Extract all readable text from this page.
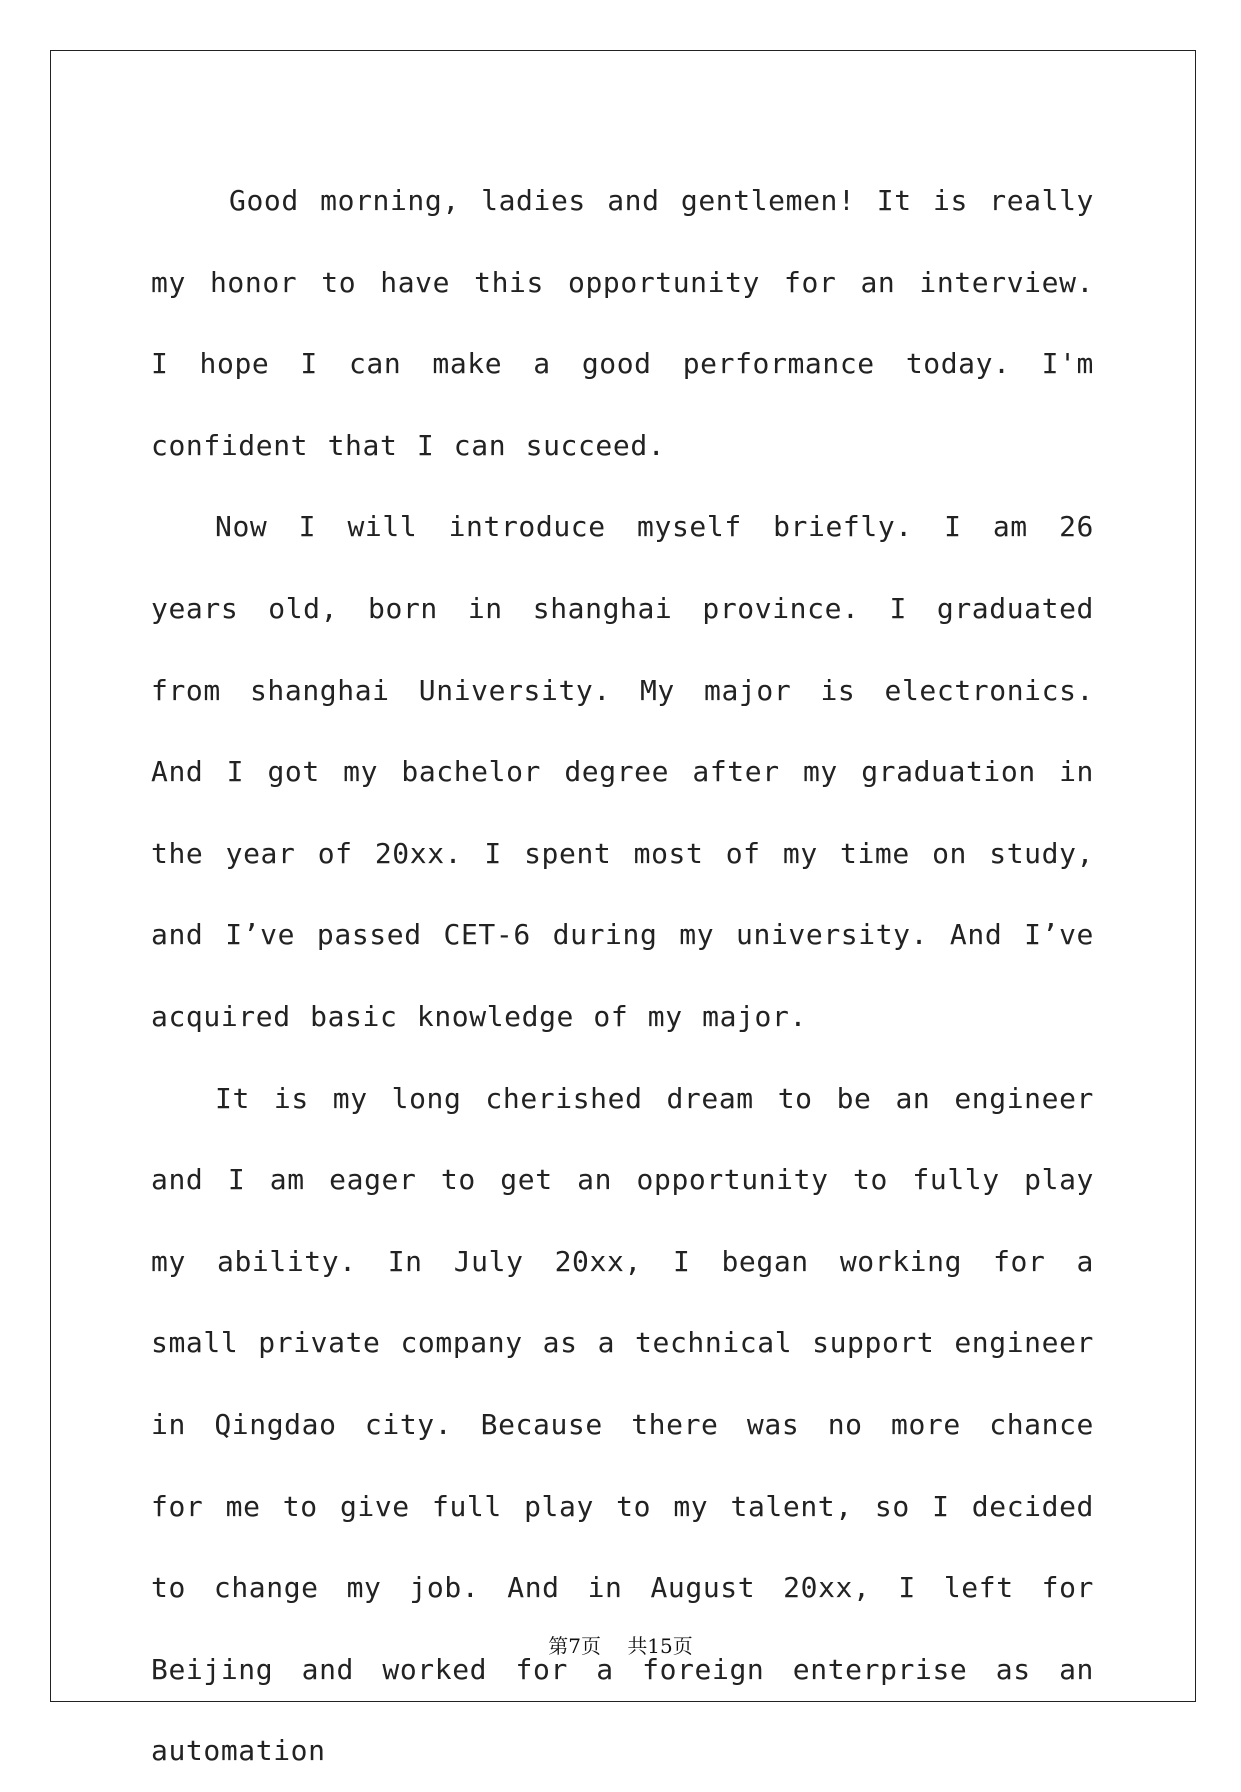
Good morning, ladies and gentlemen! It is really my honor to have this opportunity for an interview. I hope I can make a good performance today. I'm confident that I can succeed.

Now I will introduce myself briefly. I am 26 years old, born in shanghai province. I graduated from shanghai University. My major is electronics. And I got my bachelor degree after my graduation in the year of 20xx. I spent most of my time on study, and I’ve passed CET-6 during my university. And I’ve acquired basic knowledge of my major.

It is my long cherished dream to be an engineer and I am eager to get an opportunity to fully play my ability. In July 20xx, I began working for a small private company as a technical support engineer in Qingdao city. Because there was no more chance for me to give full play to my talent, so I decided to change my job. And in August 20xx, I left for Beijing and worked for a foreign enterprise as an automation

第7页 共15页
